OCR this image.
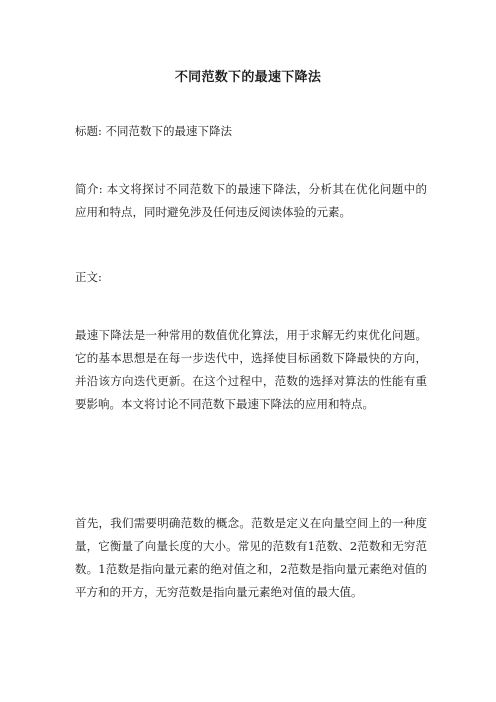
不同范数下的最速下降法

标题: 不同范数下的最速下降法

简介: 本文将探讨不同范数下的最速下降法，分析其在优化问题中的应用和特点，同时避免涉及任何违反阅读体验的元素。

正文:

最速下降法是一种常用的数值优化算法，用于求解无约束优化问题。它的基本思想是在每一步迭代中，选择使目标函数下降最快的方向，并沿该方向迭代更新。在这个过程中，范数的选择对算法的性能有重要影响。本文将讨论不同范数下最速下降法的应用和特点。

首先，我们需要明确范数的概念。范数是定义在向量空间上的一种度量，它衡量了向量长度的大小。常见的范数有1范数、2范数和无穷范数。1范数是指向量元素的绝对值之和，2范数是指向量元素绝对值的平方和的开方，无穷范数是指向量元素绝对值的最大值。
